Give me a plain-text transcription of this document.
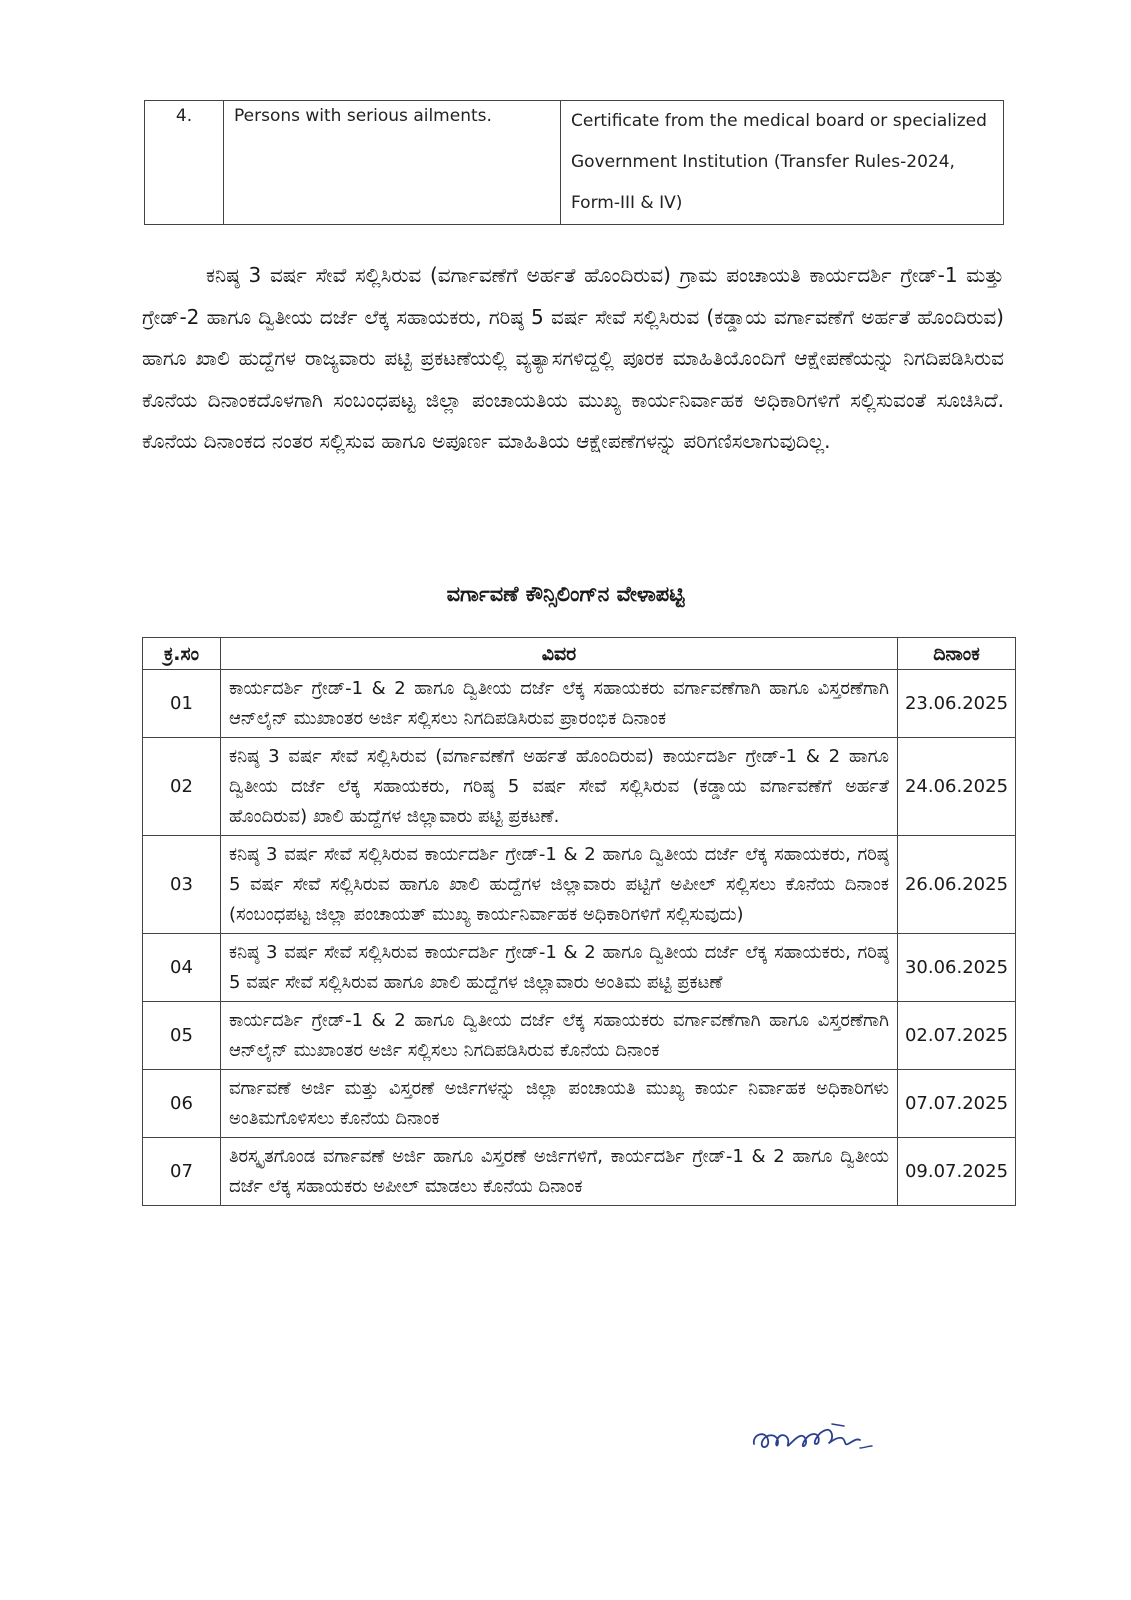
4.	Persons with serious ailments.	Certificate from the medical board or specialized Government Institution (Transfer Rules-2024, Form-III & IV)

ಕನಿಷ್ಠ 3 ವರ್ಷ ಸೇವೆ ಸಲ್ಲಿಸಿರುವ (ವರ್ಗಾವಣೆಗೆ ಅರ್ಹತೆ ಹೊಂದಿರುವ) ಗ್ರಾಮ ಪಂಚಾಯತಿ ಕಾರ್ಯದರ್ಶಿ ಗ್ರೇಡ್-1 ಮತ್ತು ಗ್ರೇಡ್-2 ಹಾಗೂ ದ್ವಿತೀಯ ದರ್ಜೆ ಲೆಕ್ಕ ಸಹಾಯಕರು, ಗರಿಷ್ಠ 5 ವರ್ಷ ಸೇವೆ ಸಲ್ಲಿಸಿರುವ (ಕಡ್ಡಾಯ ವರ್ಗಾವಣೆಗೆ ಅರ್ಹತೆ ಹೊಂದಿರುವ) ಹಾಗೂ ಖಾಲಿ ಹುದ್ದೆಗಳ ರಾಜ್ಯವಾರು ಪಟ್ಟಿ ಪ್ರಕಟಣೆಯಲ್ಲಿ ವ್ಯತ್ಯಾಸಗಳಿದ್ದಲ್ಲಿ ಪೂರಕ ಮಾಹಿತಿಯೊಂದಿಗೆ ಆಕ್ಷೇಪಣೆಯನ್ನು ನಿಗದಿಪಡಿಸಿರುವ ಕೊನೆಯ ದಿನಾಂಕದೊಳಗಾಗಿ ಸಂಬಂಧಪಟ್ಟ ಜಿಲ್ಲಾ ಪಂಚಾಯತಿಯ ಮುಖ್ಯ ಕಾರ್ಯನಿರ್ವಾಹಕ ಅಧಿಕಾರಿಗಳಿಗೆ ಸಲ್ಲಿಸುವಂತೆ ಸೂಚಿಸಿದೆ. ಕೊನೆಯ ದಿನಾಂಕದ ನಂತರ ಸಲ್ಲಿಸುವ ಹಾಗೂ ಅಪೂರ್ಣ ಮಾಹಿತಿಯ ಆಕ್ಷೇಪಣೆಗಳನ್ನು ಪರಿಗಣಿಸಲಾಗುವುದಿಲ್ಲ.

ವರ್ಗಾವಣೆ ಕೌನ್ಸಿಲಿಂಗ್‌ನ ವೇಳಾಪಟ್ಟಿ
ಕ್ರ.ಸಂ	ವಿವರ	ದಿನಾಂಕ
01	ಕಾರ್ಯದರ್ಶಿ ಗ್ರೇಡ್-1 & 2 ಹಾಗೂ ದ್ವಿತೀಯ ದರ್ಜೆ ಲೆಕ್ಕ ಸಹಾಯಕರು ವರ್ಗಾವಣೆಗಾಗಿ ಹಾಗೂ ವಿಸ್ತರಣೆಗಾಗಿ ಆನ್‌ಲೈನ್ ಮುಖಾಂತರ ಅರ್ಜಿ ಸಲ್ಲಿಸಲು ನಿಗದಿಪಡಿಸಿರುವ ಪ್ರಾರಂಭಿಕ ದಿನಾಂಕ	23.06.2025
02	ಕನಿಷ್ಠ 3 ವರ್ಷ ಸೇವೆ ಸಲ್ಲಿಸಿರುವ (ವರ್ಗಾವಣೆಗೆ ಅರ್ಹತೆ ಹೊಂದಿರುವ) ಕಾರ್ಯದರ್ಶಿ ಗ್ರೇಡ್-1 & 2 ಹಾಗೂ ದ್ವಿತೀಯ ದರ್ಜೆ ಲೆಕ್ಕ ಸಹಾಯಕರು, ಗರಿಷ್ಠ 5 ವರ್ಷ ಸೇವೆ ಸಲ್ಲಿಸಿರುವ (ಕಡ್ಡಾಯ ವರ್ಗಾವಣೆಗೆ ಅರ್ಹತೆ ಹೊಂದಿರುವ) ಖಾಲಿ ಹುದ್ದೆಗಳ ಜಿಲ್ಲಾವಾರು ಪಟ್ಟಿ ಪ್ರಕಟಣೆ.	24.06.2025
03	ಕನಿಷ್ಠ 3 ವರ್ಷ ಸೇವೆ ಸಲ್ಲಿಸಿರುವ ಕಾರ್ಯದರ್ಶಿ ಗ್ರೇಡ್-1 & 2 ಹಾಗೂ ದ್ವಿತೀಯ ದರ್ಜೆ ಲೆಕ್ಕ ಸಹಾಯಕರು, ಗರಿಷ್ಠ 5 ವರ್ಷ ಸೇವೆ ಸಲ್ಲಿಸಿರುವ ಹಾಗೂ ಖಾಲಿ ಹುದ್ದೆಗಳ ಜಿಲ್ಲಾವಾರು ಪಟ್ಟಿಗೆ ಅಪೀಲ್ ಸಲ್ಲಿಸಲು ಕೊನೆಯ ದಿನಾಂಕ (ಸಂಬಂಧಪಟ್ಟ ಜಿಲ್ಲಾ ಪಂಚಾಯತ್ ಮುಖ್ಯ ಕಾರ್ಯನಿರ್ವಾಹಕ ಅಧಿಕಾರಿಗಳಿಗೆ ಸಲ್ಲಿಸುವುದು)	26.06.2025
04	ಕನಿಷ್ಠ 3 ವರ್ಷ ಸೇವೆ ಸಲ್ಲಿಸಿರುವ ಕಾರ್ಯದರ್ಶಿ ಗ್ರೇಡ್-1 & 2 ಹಾಗೂ ದ್ವಿತೀಯ ದರ್ಜೆ ಲೆಕ್ಕ ಸಹಾಯಕರು, ಗರಿಷ್ಠ 5 ವರ್ಷ ಸೇವೆ ಸಲ್ಲಿಸಿರುವ ಹಾಗೂ ಖಾಲಿ ಹುದ್ದೆಗಳ ಜಿಲ್ಲಾವಾರು ಅಂತಿಮ ಪಟ್ಟಿ ಪ್ರಕಟಣೆ	30.06.2025
05	ಕಾರ್ಯದರ್ಶಿ ಗ್ರೇಡ್-1 & 2 ಹಾಗೂ ದ್ವಿತೀಯ ದರ್ಜೆ ಲೆಕ್ಕ ಸಹಾಯಕರು ವರ್ಗಾವಣೆಗಾಗಿ ಹಾಗೂ ವಿಸ್ತರಣೆಗಾಗಿ ಆನ್‌ಲೈನ್ ಮುಖಾಂತರ ಅರ್ಜಿ ಸಲ್ಲಿಸಲು ನಿಗದಿಪಡಿಸಿರುವ ಕೊನೆಯ ದಿನಾಂಕ	02.07.2025
06	ವರ್ಗಾವಣೆ ಅರ್ಜಿ ಮತ್ತು ವಿಸ್ತರಣೆ ಅರ್ಜಿಗಳನ್ನು ಜಿಲ್ಲಾ ಪಂಚಾಯತಿ ಮುಖ್ಯ ಕಾರ್ಯ ನಿರ್ವಾಹಕ ಅಧಿಕಾರಿಗಳು ಅಂತಿಮಗೊಳಿಸಲು ಕೊನೆಯ ದಿನಾಂಕ	07.07.2025
07	ತಿರಸ್ಕೃತಗೊಂಡ ವರ್ಗಾವಣೆ ಅರ್ಜಿ ಹಾಗೂ ವಿಸ್ತರಣೆ ಅರ್ಜಿಗಳಿಗೆ, ಕಾರ್ಯದರ್ಶಿ ಗ್ರೇಡ್-1 & 2 ಹಾಗೂ ದ್ವಿತೀಯ ದರ್ಜೆ ಲೆಕ್ಕ ಸಹಾಯಕರು ಅಪೀಲ್ ಮಾಡಲು ಕೊನೆಯ ದಿನಾಂಕ	09.07.2025
